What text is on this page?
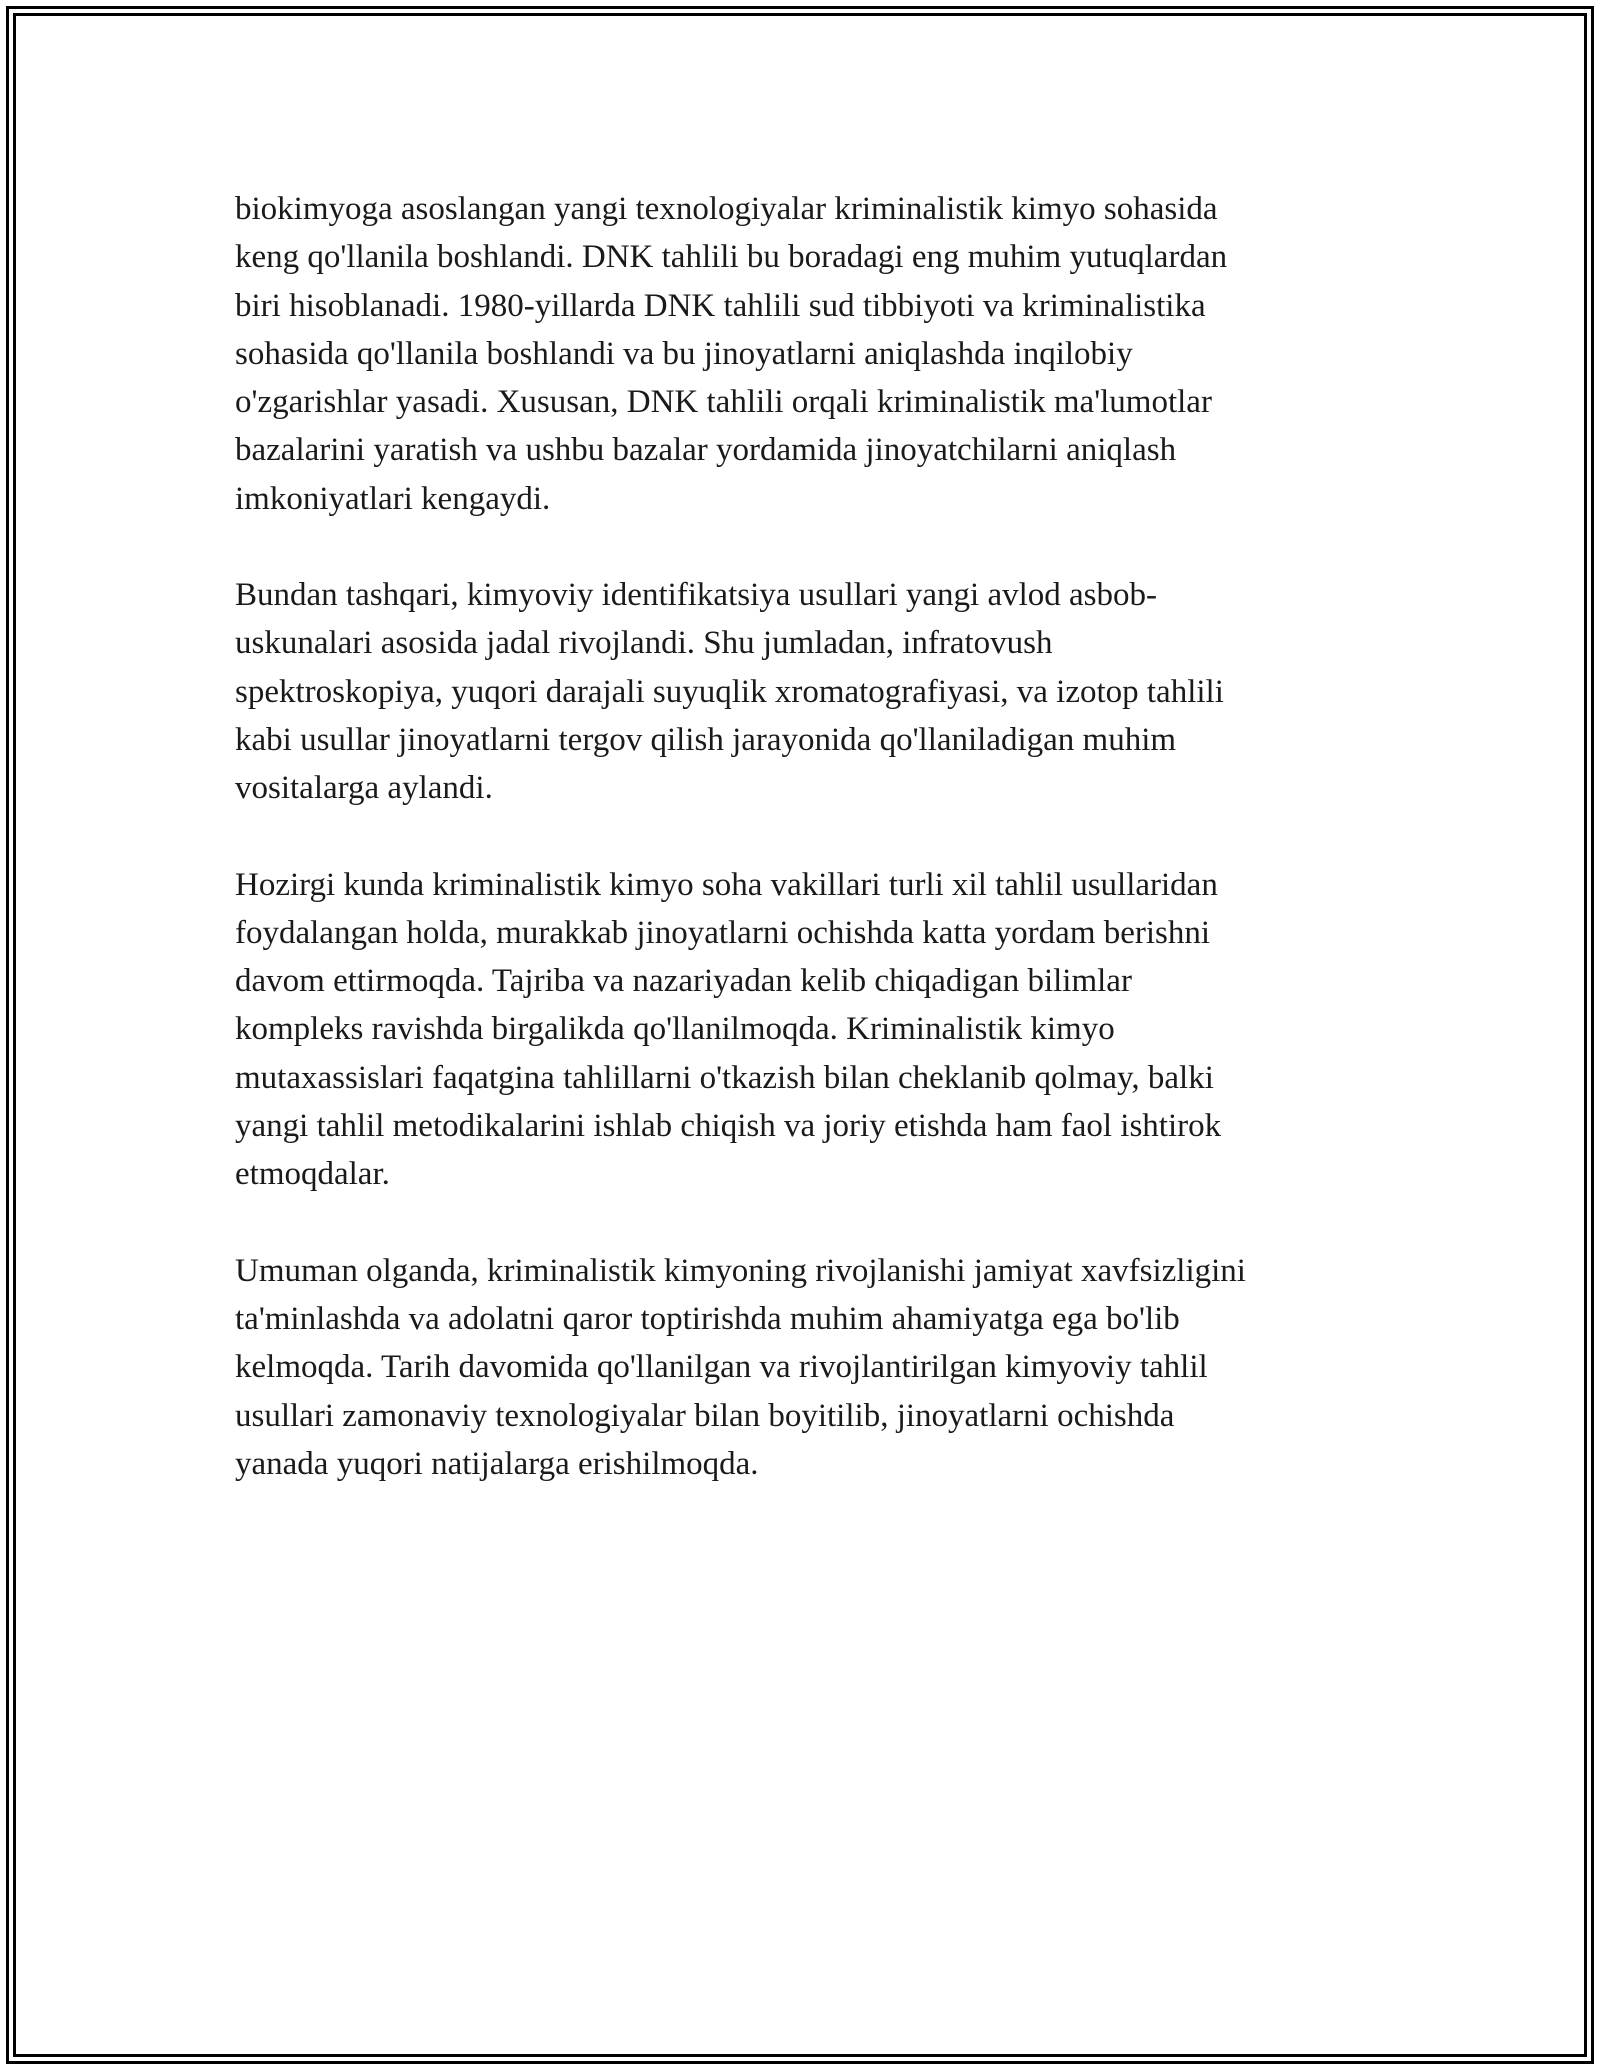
biokimyoga asoslangan yangi texnologiyalar kriminalistik kimyo sohasida
keng qo'llanila boshlandi. DNK tahlili bu boradagi eng muhim yutuqlardan
biri hisoblanadi. 1980-yillarda DNK tahlili sud tibbiyoti va kriminalistika
sohasida qo'llanila boshlandi va bu jinoyatlarni aniqlashda inqilobiy
o'zgarishlar yasadi. Xususan, DNK tahlili orqali kriminalistik ma'lumotlar
bazalarini yaratish va ushbu bazalar yordamida jinoyatchilarni aniqlash
imkoniyatlari kengaydi.

Bundan tashqari, kimyoviy identifikatsiya usullari yangi avlod asbob-
uskunalari asosida jadal rivojlandi. Shu jumladan, infratovush
spektroskopiya, yuqori darajali suyuqlik xromatografiyasi, va izotop tahlili
kabi usullar jinoyatlarni tergov qilish jarayonida qo'llaniladigan muhim
vositalarga aylandi.

Hozirgi kunda kriminalistik kimyo soha vakillari turli xil tahlil usullaridan
foydalangan holda, murakkab jinoyatlarni ochishda katta yordam berishni
davom ettirmoqda. Tajriba va nazariyadan kelib chiqadigan bilimlar
kompleks ravishda birgalikda qo'llanilmoqda. Kriminalistik kimyo
mutaxassislari faqatgina tahlillarni o'tkazish bilan cheklanib qolmay, balki
yangi tahlil metodikalarini ishlab chiqish va joriy etishda ham faol ishtirok
etmoqdalar.

Umuman olganda, kriminalistik kimyoning rivojlanishi jamiyat xavfsizligini
ta'minlashda va adolatni qaror toptirishda muhim ahamiyatga ega bo'lib
kelmoqda. Tarih davomida qo'llanilgan va rivojlantirilgan kimyoviy tahlil
usullari zamonaviy texnologiyalar bilan boyitilib, jinoyatlarni ochishda
yanada yuqori natijalarga erishilmoqda.
